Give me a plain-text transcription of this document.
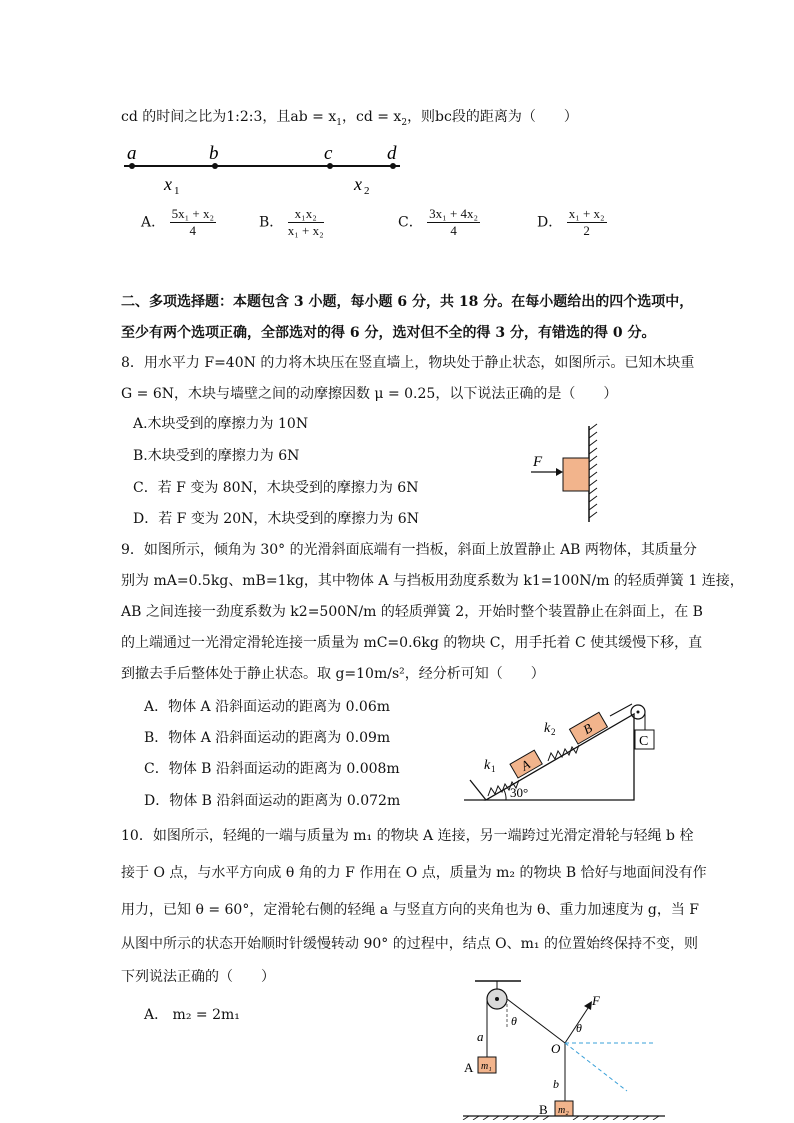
cd 的时间之比为1:2:3，且ab = $x_1$，cd = $x_2$，则bc段的距离为（　　）
a	b	c	d
x 1	x 2
A． $\frac{\text{5x₁ + x₂}}{4}$	B． $\frac{\text{x₁x₂}}{\text{x₁ + x₂}}$	C． $\frac{\text{3x₁ + 4x₂}}{4}$	D． $\frac{\text{x₁ + x₂}}{2}$
二、多项选择题：本题包含 3 小题，每小题 6 分，共 18 分。在每小题给出的四个选项中，
至少有两个选项正确，全部选对的得 6 分，选对但不全的得 3 分，有错选的得 0 分。
8．用水平力 F=40N 的力将木块压在竖直墙上，物块处于静止状态，如图所示。已知木块重
G = 6N，木块与墙壁之间的动摩擦因数 μ = 0.25，以下说法正确的是（　　）
A.木块受到的摩擦力为 10N
B.木块受到的摩擦力为 6N
C．若 F 变为 80N，木块受到的摩擦力为 6N
D．若 F 变为 20N，木块受到的摩擦力为 6N
F
9．如图所示，倾角为 30° 的光滑斜面底端有一挡板，斜面上放置静止 AB 两物体，其质量分
别为 mA=0.5kg、mB=1kg，其中物体 A 与挡板用劲度系数为 k1=100N/m 的轻质弹簧 1 连接，
AB 之间连接一劲度系数为 k2=500N/m 的轻质弹簧 2，开始时整个装置静止在斜面上，在 B
的上端通过一光滑定滑轮连接一质量为 mC=0.6kg 的物块 C，用手托着 C 使其缓慢下移，直
到撤去手后整体处于静止状态。取 g=10m/s²，经分析可知（　　）
A．物体 A 沿斜面运动的距离为 0.06m
B．物体 A 沿斜面运动的距离为 0.09m
C．物体 B 沿斜面运动的距离为 0.008m
D．物体 B 沿斜面运动的距离为 0.072m
A
B
C
k 1
k 2
30°
10．如图所示，轻绳的一端与质量为 m₁ 的物块 A 连接，另一端跨过光滑定滑轮与轻绳 b 栓
接于 O 点，与水平方向成 θ 角的力 F 作用在 O 点，质量为 m₂ 的物块 B 恰好与地面间没有作
用力，已知 θ = 60°，定滑轮右侧的轻绳 a 与竖直方向的夹角也为 θ、重力加速度为 g，当 F
从图中所示的状态开始顺时针缓慢转动 90° 的过程中，结点 O、m₁ 的位置始终保持不变，则
下列说法正确的（　　）
A． m₂ = 2m₁
m₁
A
a
θ
b
m₂
B
F
θ
O
